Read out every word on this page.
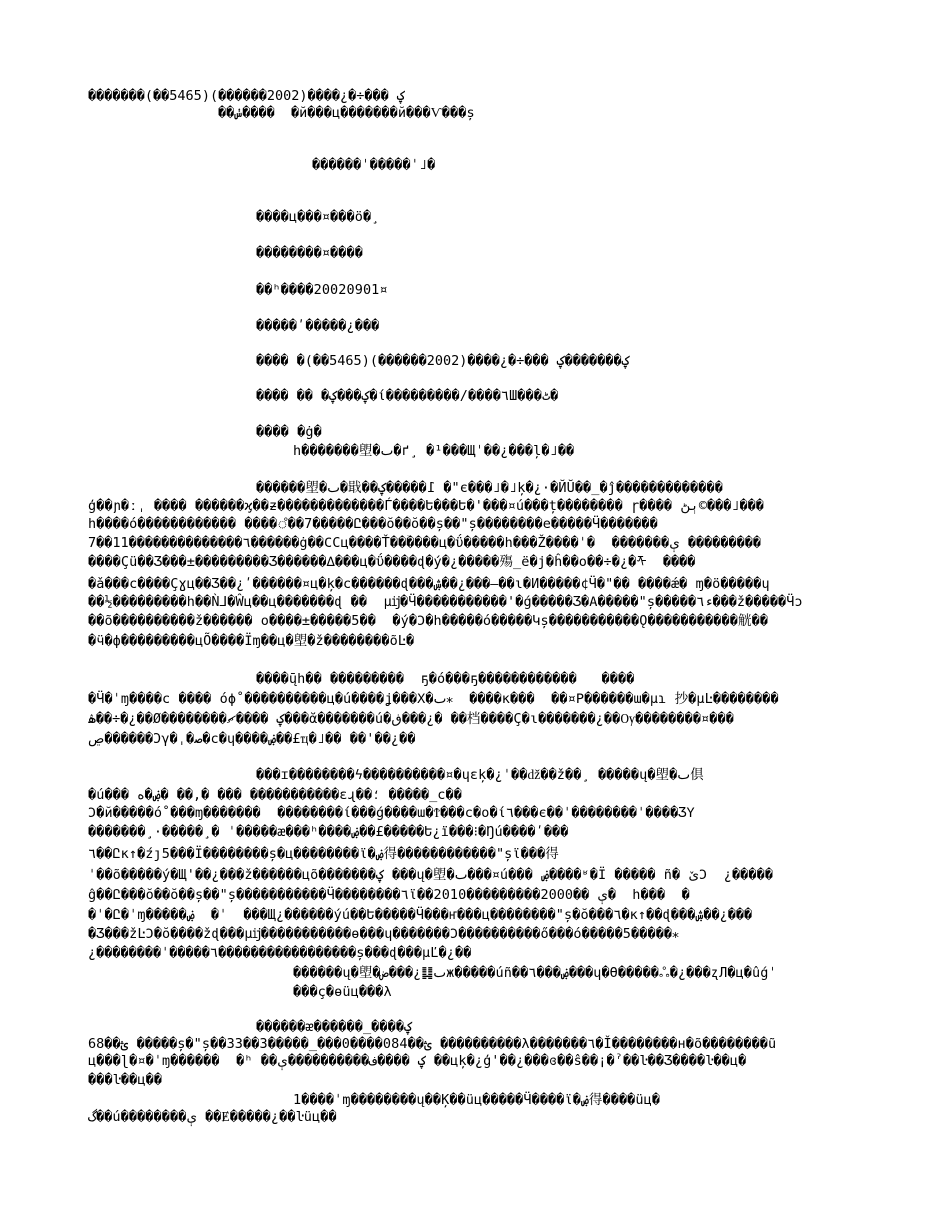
�������ؼ ���÷�¿����(2002������)(5465��)
��ݭ����  �й���ц�������й���Ѵ���ș
������ˈ�����ˈ˩�
����ц���¤���ö�¸
��������¤����
��ʰ����20020901¤
�����ʹ�����¿���
���� �ؼ�������ؼ ���÷�¿����(2002������)(5465��)
���� �� �ؼ���ؼ�ί���������/����٦Ш���ٹ�
���� �ġ�
h�������塱�ٮ�ґ¸ �¹���Щˈ��¿���ļ�˩��
������塱�ٮ�戢��߁�����ؼ �"є���˩�˩ķ�¿·�ЙŬ��_�ĵ�������������
ģ��ɲ�ːˌ ���� ������ϗ��ƶ�������������Ѓ����Ե���Ե�'���¤ú���ț�������� ɼ���� ٻڻ©���˩���
h����ό������������ ����ஂ��7�����Ը���ŏ��ŏ��ș��"ș��������e�����Ӵ�������
7��11��������������٦������ġ��ϹСц����Ť��ۤ����ц�ΰ�����h���Ž����ˈ�  �������ې ���������
����Çü��Ʒ���±���������Ʒ������∆���ц�ΰ����ɖ�ý�¿�����殤_ё�ϳ�ĥ��о��÷�¿�ᡯ  ����
�ǎ���ϲ����Çɣц��Ʒ��¿ʹ������¤ц�ķ�ϲ������ɖ���ۺ��¿���–��ɩ�И�����¢Ӵ�"�� ����ǽ� ɱ�ö�����ɥ
��½���������h��Ǹ⅃�Ŵц��ц�������ɖ ��  µĳ�Ӵ�����������'�ǵ�����Ʒ�Α�����"ș�����ء٦���ž�����Ӵɔ
��õ����������ž������ о����±�����5��  �ý�Ͻ�h�����ό�����Կș�����������Ǫ�����������觥��
�ӵ�ф���������цÕ����Ϊɱ��ц�塱�ž��������õĿ�
����ų̄h�� ���������  ҕ�ό���ҕ������������   ����
�Ӵ�ˈɱ����ϲ ���� όϕ˚����������ц�ú����ʝ���Χ�ٮ⁎  ����к���  ��¤Ρ������ɯ�µɿ 抄�µĿ��������
ۿ��÷�¿��Ø��������ؼ ����ޗ���ᾰ�������ú�ڧ���¿� ��档����Ç�ɩ�������¿��Ѹ��������¤���
ڝ������Ɔγ�ˌ�ﺻ�ϲ�ɥ����ۻ��£ҵ�˩�� ��'��¿��
���ɪ��������ϟ����������¤�ɥεķ�¿ˈ��ǆ��ž��¸ �����ų�塱�ٮ倶
�ú��� ۻ�ە� ��,� ��� �����������ɛɻ��؛ �����_ϲ��
Ͻ�й�����ό˚���ɱ�������  ��������ί���ǵ����ɯ�Ϯ���ϲ�о�ί٦���є��ˈ��������ˈ����ƷΥ
�������¸·�����¸� ˈ�����æ���ʰ����ۻ��£�����Ե¿ї���⁝�Ŋú����ʹ���
٦��Ըκ↑�źȷ5���Ϊ��������ș�ц��������ϊ�ۻ得������������"șϊ���得
ˈ��õ�����ý�Щ'��¿���ž������цõ�������ؼ ���ų�塱�ٮ���¤ú��� ۻ����ʶ�Ϊ ����� ñ� ێϽ  ¿�����
ĝ��Ը���ŏ��ŏ��ș��"ș�����������Ӵ��������٦ϊ��2010���������ې ��2000�  h���  �
�ˈ�Ը�ˈɱ�����ۻ  �ˈ  ���Щ¿������ýú��Ե�����Ӵ���ҥ���ц��������"ș�ŏ���٦�к↑��ɖ���ۺ��¿���
�Ʒ���žĿϽ�ŏ����žɖ���µĳ�����������ɵ���ɥ�������Ͻ����������ő���ό�����5�����⁎
¿��������ˈ�����٦�����������������ș���ɖ���µĽ�¿��
������ų�塱�ٮ䷆¿���ضж�����úñ��ۻ���٦���ɥ�Ө�����ஃ�¿���ʐЛ�ц�ûǵˈ
���ç�ɵüц���λ
������ᴂ������_����ؼ
68��ؿ �����ș�"ș��33��3�����_���0����084��ؿ ����������λ�������٦�Ǐ��������н�õ��������ũ
ц���ɭ�¤�ˈɱ������  �ʰ ��ؼ ����ف����������ې ��цķ�¿ģ'��¿���ɞ��ŝ��¡�ˀ��ŀ��Ʒ����ŀ��ц�
���ŀ��ц��
1����ˈɱ��������ų��Ķ��üц�����Ӵ����ϊ�ۻ得����üц�
گ��ú��������ې ��Ɇ�����¿��ŀüц��
